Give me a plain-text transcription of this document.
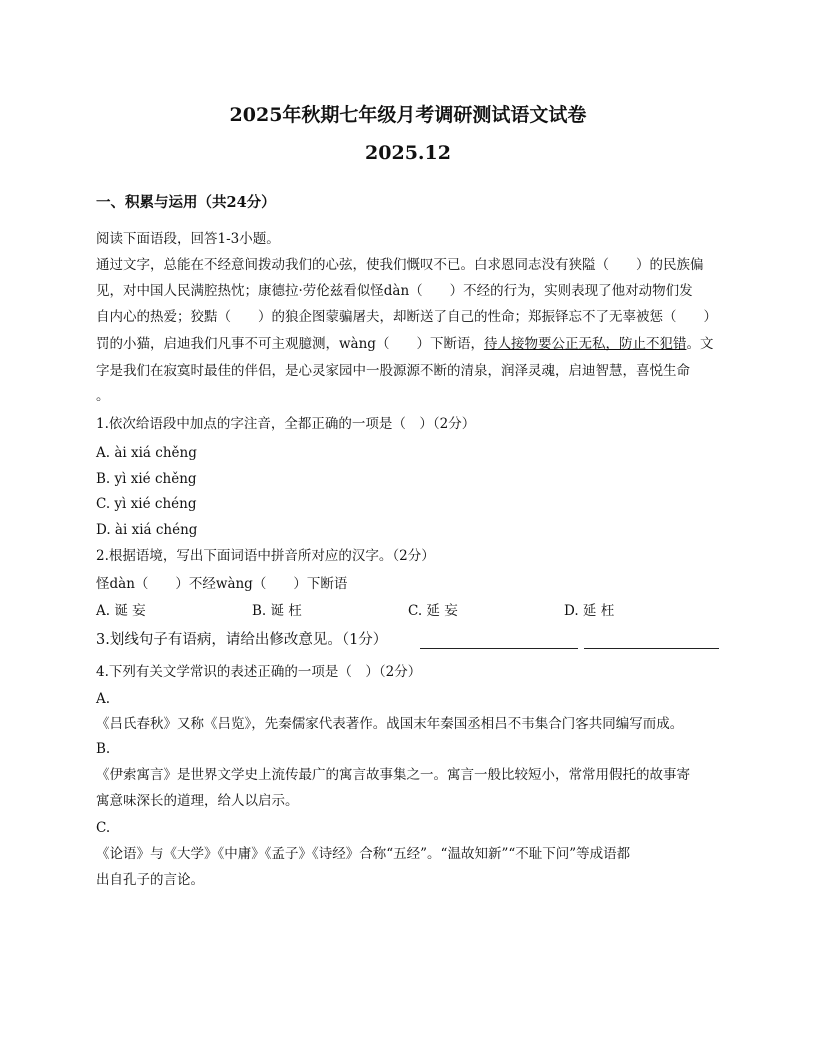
2025年秋期七年级月考调研测试语文试卷
2025.12
一、积累与运用（共24分）
阅读下面语段，回答1-3小题。
通过文字，总能在不经意间拨动我们的心弦，使我们慨叹不已。白求恩同志没有狭隘（　　）的民族偏
见，对中国人民满腔热忱；康德拉·劳伦兹看似怪dàn（　　）不经的行为，实则表现了他对动物们发
自内心的热爱；狡黠（　　）的狼企图蒙骗屠夫，却断送了自己的性命；郑振铎忘不了无辜被惩（　　）
罚的小猫，启迪我们凡事不可主观臆测，wàng（　　）下断语，待人接物要公正无私，防止不犯错。文
字是我们在寂寞时最佳的伴侣，是心灵家园中一股源源不断的清泉，润泽灵魂，启迪智慧，喜悦生命
。
1.依次给语段中加点的字注音，全都正确的一项是（　）（2分）
A. ài xiá chěng
B. yì xié chěng
C. yì xié chéng
D. ài xiá chéng
2.根据语境，写出下面词语中拼音所对应的汉字。（2分）
怪dàn（　　）不经wàng（　　）下断语
A. 诞 妄	B. 诞 枉	C. 延 妄	D. 延 枉
3.划线句子有语病，请给出修改意见。（1分）
4.下列有关文学常识的表述正确的一项是（　）（2分）
A.
《吕氏春秋》又称《吕览》，先秦儒家代表著作。战国末年秦国丞相吕不韦集合门客共同编写而成。
B.
《伊索寓言》是世界文学史上流传最广的寓言故事集之一。寓言一般比较短小，常常用假托的故事寄
寓意味深长的道理，给人以启示。
C.
《论语》与《大学》《中庸》《孟子》《诗经》合称“五经”。“温故知新”“不耻下问”等成语都
出自孔子的言论。
